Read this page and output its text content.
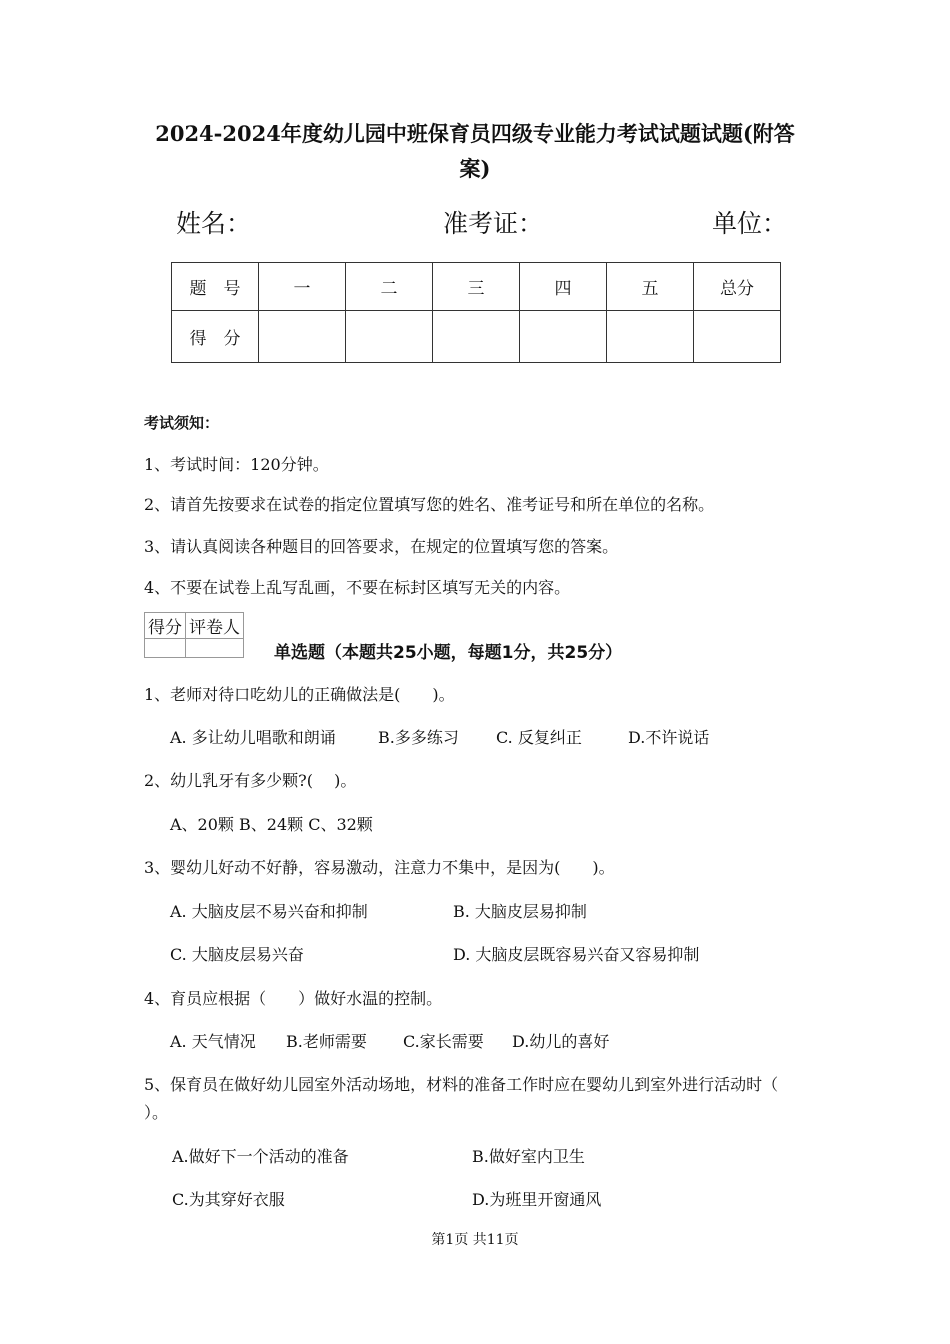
2024-2024年度幼儿园中班保育员四级专业能力考试试题试题(附答
案)
姓名：	准考证：	单位：
题　号	一	二	三	四	五	总分
得　分						
考试须知：
1、考试时间：120分钟。
2、请首先按要求在试卷的指定位置填写您的姓名、准考证号和所在单位的名称。
3、请认真阅读各种题目的回答要求，在规定的位置填写您的答案。
4、不要在试卷上乱写乱画，不要在标封区填写无关的内容。
得分	评卷人

单选题（本题共25小题，每题1分，共25分）
1、老师对待口吃幼儿的正确做法是(　　)。
A. 多让幼儿唱歌和朗诵	B.多多练习 C. 反复纠正	D.不许说话
2、幼儿乳牙有多少颗?(　 )。
A、20颗 B、24颗 C、32颗
3、婴幼儿好动不好静，容易激动，注意力不集中，是因为(　　)。
A. 大脑皮层不易兴奋和抑制	B. 大脑皮层易抑制
C. 大脑皮层易兴奋	D. 大脑皮层既容易兴奋又容易抑制
4、育员应根据（　　）做好水温的控制。
A. 天气情况 B.老师需要 C.家长需要 D.幼儿的喜好
5、保育员在做好幼儿园室外活动场地，材料的准备工作时应在婴幼儿到室外进行活动时（
）。
A.做好下一个活动的准备	B.做好室内卫生
C.为其穿好衣服	D.为班里开窗通风
第1页 共11页
